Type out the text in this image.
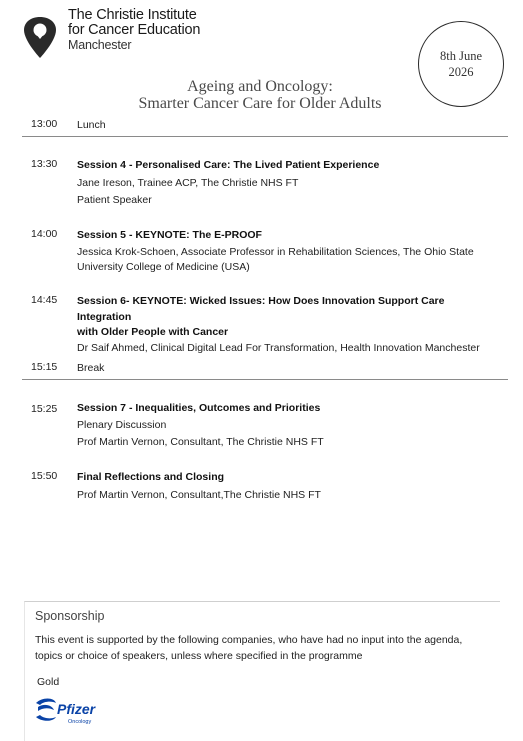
The Christie Institute
for Cancer Education
Manchester
8th June
2026
Ageing and Oncology:
Smarter Cancer Care for Older Adults
13:00 Lunch
13:30 Session 4 - Personalised Care: The Lived Patient Experience
Jane Ireson, Trainee ACP, The Christie NHS FT
Patient Speaker
14:00 Session 5 - KEYNOTE: The E-PROOF
Jessica Krok-Schoen, Associate Professor in Rehabilitation Sciences, The Ohio State
University College of Medicine (USA)
14:45 Session 6- KEYNOTE: Wicked Issues: How Does Innovation Support Care Integration
with Older People with Cancer
Dr Saif Ahmed, Clinical Digital Lead For Transformation, Health Innovation Manchester
15:15 Break
15:25 Session 7 - Inequalities, Outcomes and Priorities
Plenary Discussion
Prof Martin Vernon, Consultant, The Christie NHS FT
15:50 Final Reflections and Closing
Prof Martin Vernon, Consultant,The Christie NHS FT
Sponsorship
This event is supported by the following companies, who have had no input into the agenda,
topics or choice of speakers, unless where specified in the programme
Gold
Pfizer
Oncology
